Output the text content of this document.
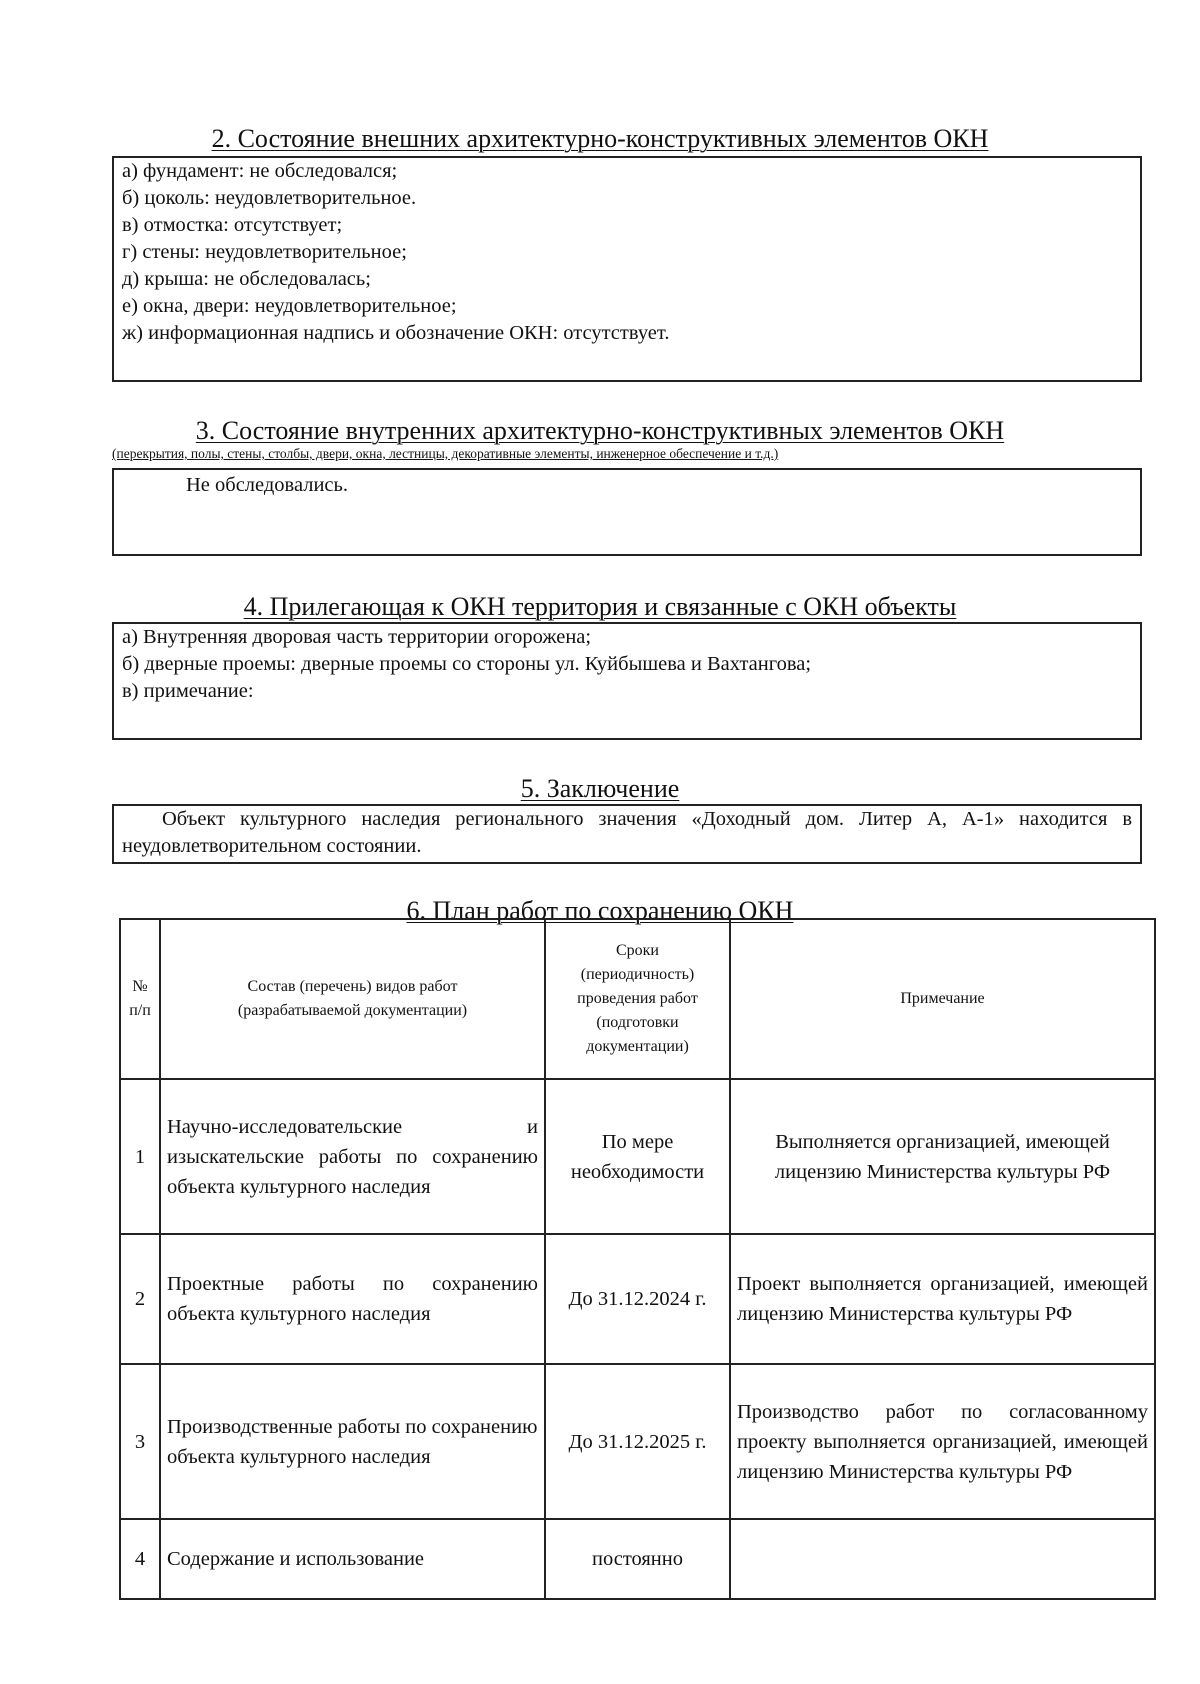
2. Состояние внешних архитектурно-конструктивных элементов ОКН
а) фундамент: не обследовался;
б) цоколь: неудовлетворительное.
в) отмостка: отсутствует;
г) стены: неудовлетворительное;
д) крыша: не обследовалась;
е) окна, двери: неудовлетворительное;
ж) информационная надпись и обозначение ОКН: отсутствует.
3. Состояние внутренних архитектурно-конструктивных элементов ОКН
(перекрытия, полы, стены, столбы, двери, окна, лестницы, декоративные элементы, инженерное обеспечение и т.д.)
Не обследовались.
4. Прилегающая к ОКН территория и связанные с ОКН объекты
а) Внутренняя дворовая часть территории огорожена;
б) дверные проемы: дверные проемы со стороны ул. Куйбышева и Вахтангова;
в) примечание:
5. Заключение
Объект культурного наследия регионального значения «Доходный дом. Литер А, А-1» находится в неудовлетворительном состоянии.
6. План работ по сохранению ОКН
№ п/п	Состав (перечень) видов работ (разрабатываемой документации)	Сроки (периодичность) проведения работ (подготовки документации)	Примечание
1	Научно-исследовательские и изыскательские работы по сохранению объекта культурного наследия	По мере необходимости	Выполняется организацией, имеющей лицензию Министерства культуры РФ
2	Проектные работы по сохранению объекта культурного наследия	До 31.12.2024 г.	Проект выполняется организацией, имеющей лицензию Министерства культуры РФ
3	Производственные работы по сохранению объекта культурного наследия	До 31.12.2025 г.	Производство работ по согласованному проекту выполняется организацией, имеющей лицензию Министерства культуры РФ
4	Содержание и использование	постоянно	
